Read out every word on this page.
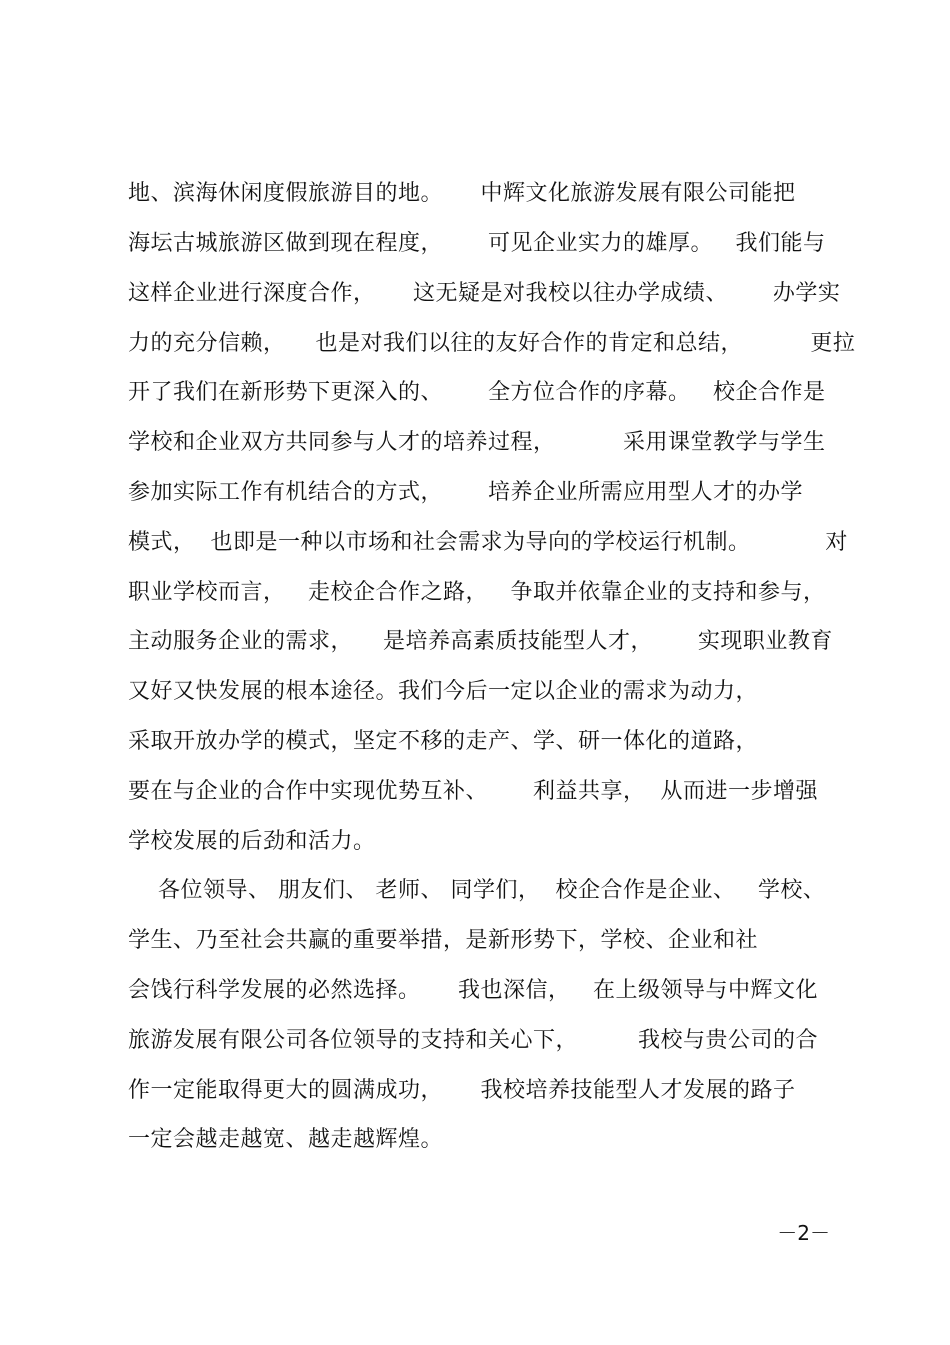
地、滨海休闲度假旅游目的地。     中辉文化旅游发展有限公司能把
海坛古城旅游区做到现在程度，      可见企业实力的雄厚。   我们能与
这样企业进行深度合作，     这无疑是对我校以往办学成绩、      办学实
力的充分信赖，    也是对我们以往的友好合作的肯定和总结，         更拉
开了我们在新形势下更深入的、      全方位合作的序幕。   校企合作是
学校和企业双方共同参与人才的培养过程，         采用课堂教学与学生
参加实际工作有机结合的方式，      培养企业所需应用型人才的办学
模式，  也即是一种以市场和社会需求为导向的学校运行机制。          对
职业学校而言，   走校企合作之路，   争取并依靠企业的支持和参与，
主动服务企业的需求，    是培养高素质技能型人才，      实现职业教育
又好又快发展的根本途径。我们今后一定以企业的需求为动力，
采取开放办学的模式，坚定不移的走产、学、研一体化的道路，
要在与企业的合作中实现优势互补、      利益共享，  从而进一步增强
学校发展的后劲和活力。
各位领导、 朋友们、 老师、 同学们，  校企合作是企业、   学校、
学生、乃至社会共赢的重要举措，是新形势下，学校、企业和社
会饯行科学发展的必然选择。     我也深信，   在上级领导与中辉文化
旅游发展有限公司各位领导的支持和关心下，        我校与贵公司的合
作一定能取得更大的圆满成功，     我校培养技能型人才发展的路子
一定会越走越宽、越走越辉煌。
－2－
